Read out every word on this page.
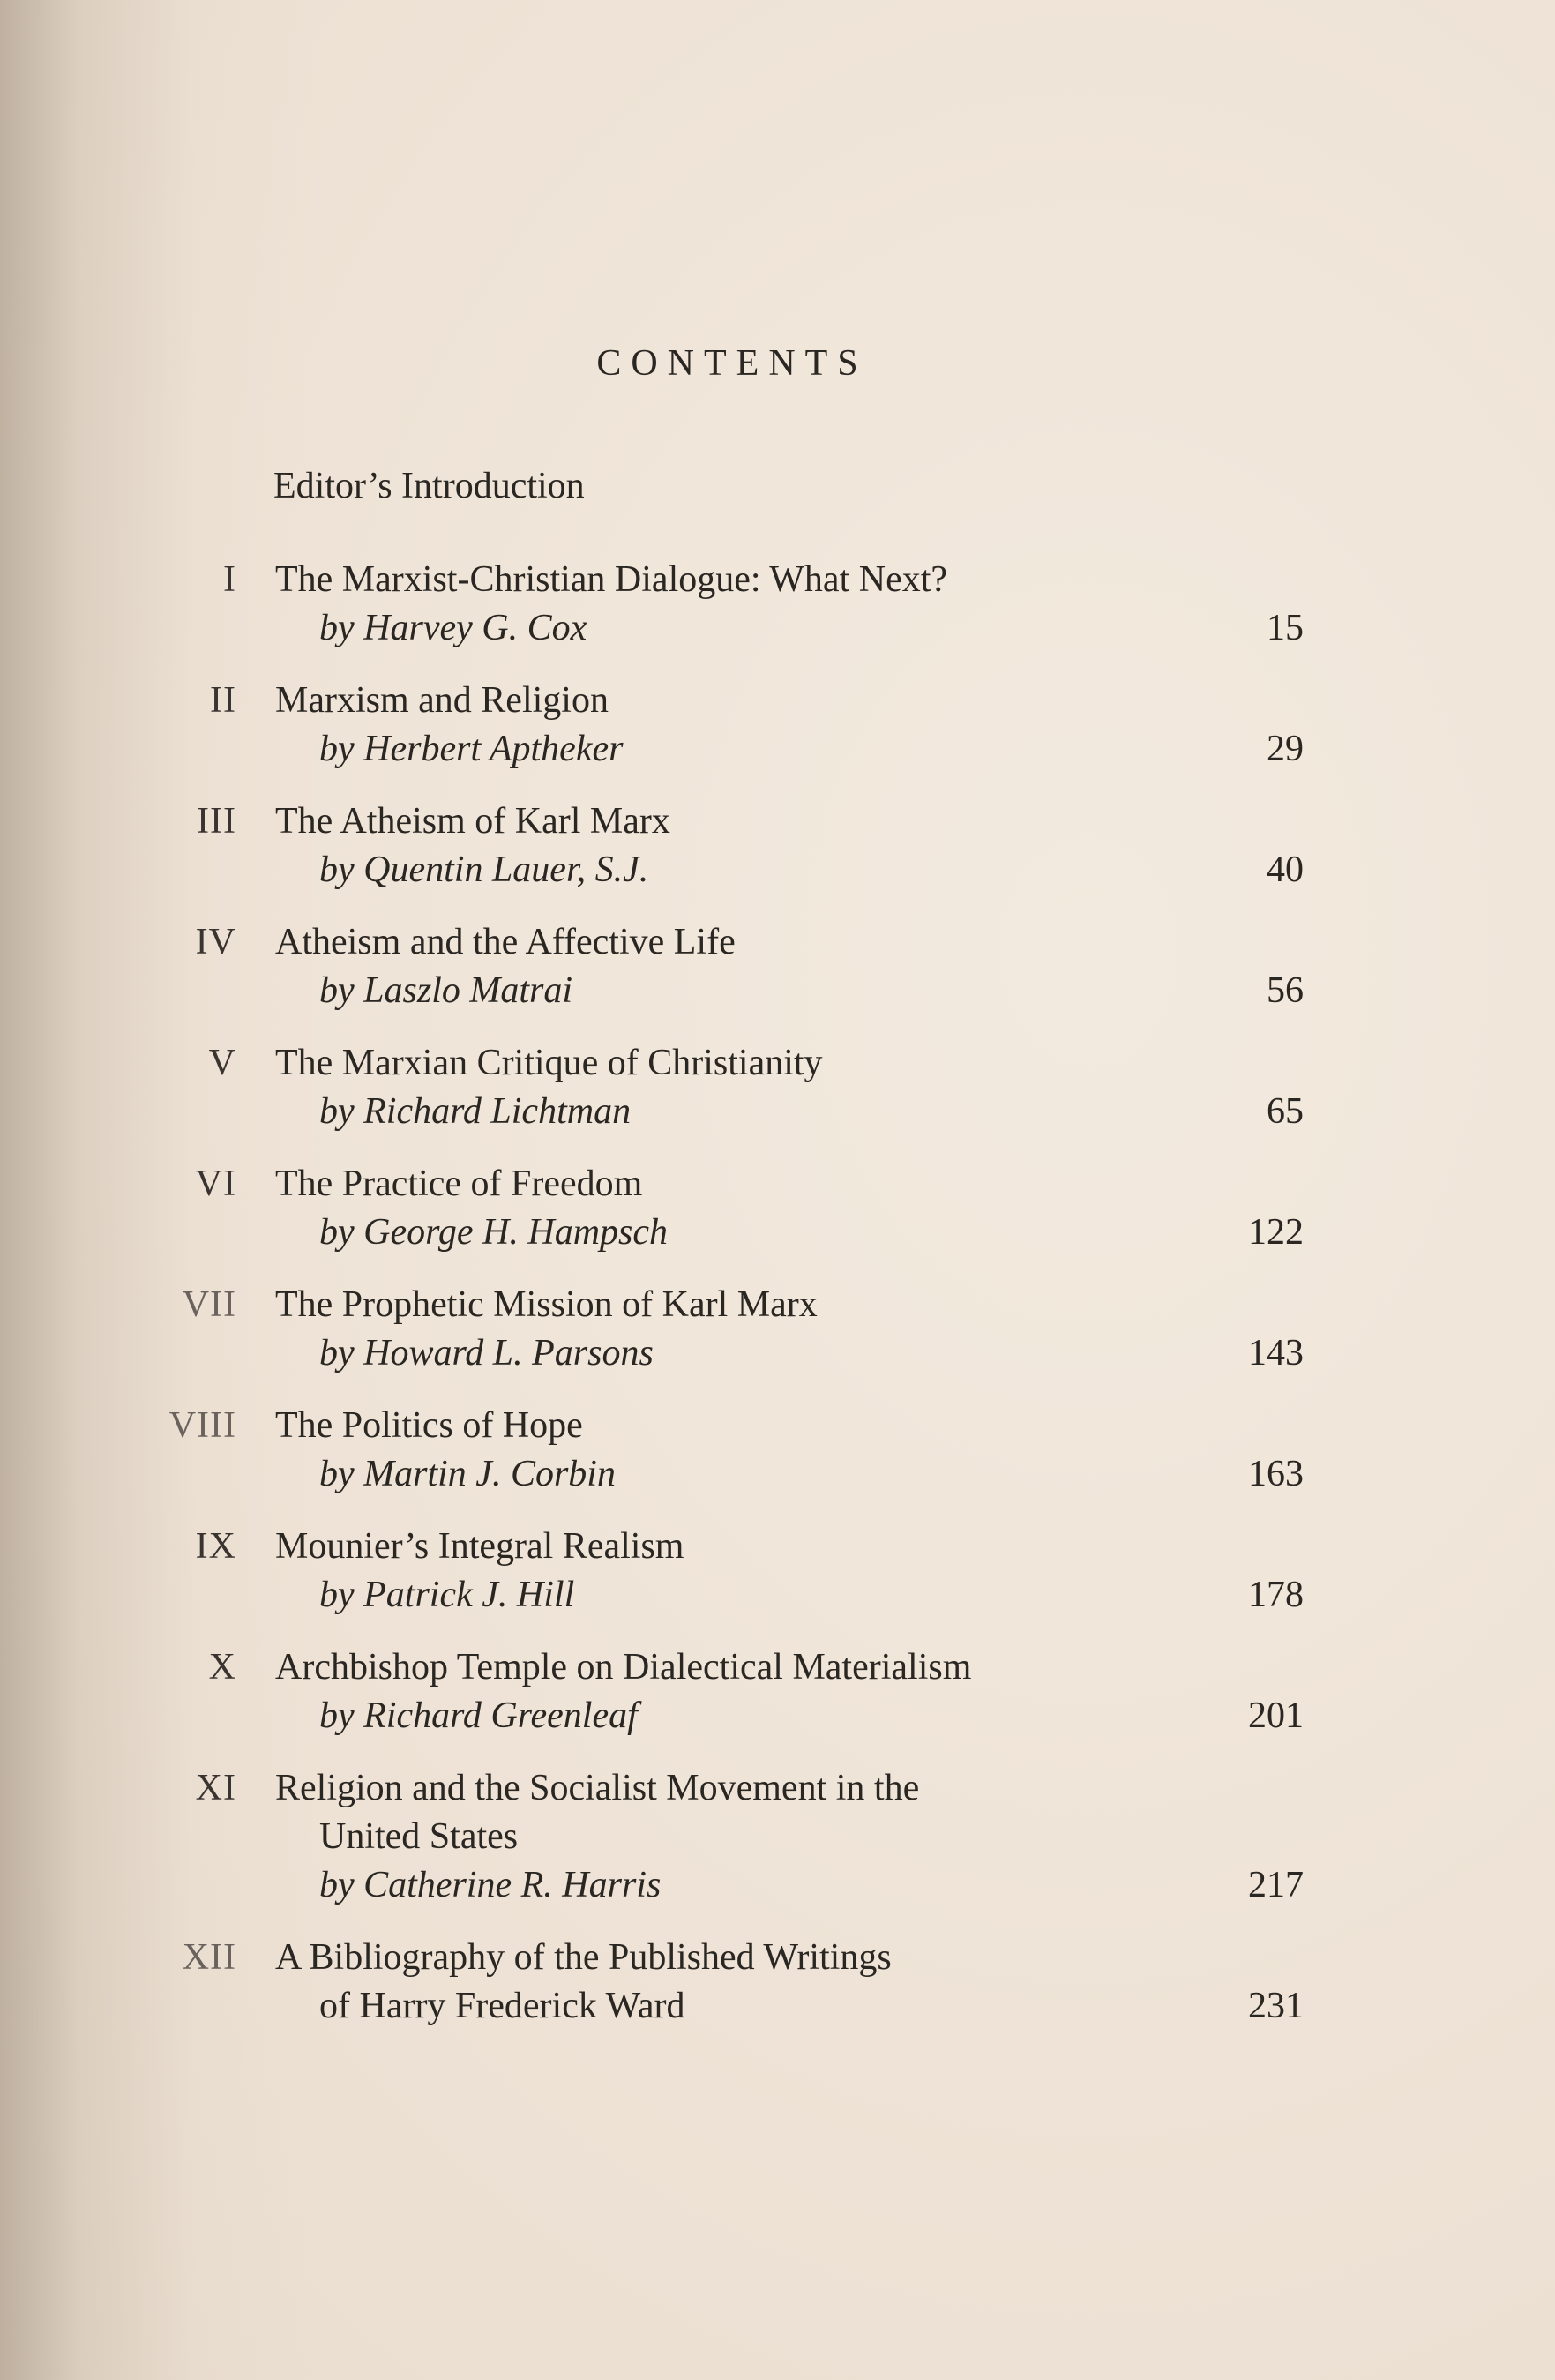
CONTENTS
Editor’s Introduction
I The Marxist-Christian Dialogue: What Next?
by Harvey G. Cox	15
II Marxism and Religion
by Herbert Aptheker	29
III The Atheism of Karl Marx
by Quentin Lauer, S.J.	40
IV Atheism and the Affective Life
by Laszlo Matrai	56
V The Marxian Critique of Christianity
by Richard Lichtman	65
VI The Practice of Freedom
by George H. Hampsch	122
VII The Prophetic Mission of Karl Marx
by Howard L. Parsons	143
VIII The Politics of Hope
by Martin J. Corbin	163
IX Mounier’s Integral Realism
by Patrick J. Hill	178
X Archbishop Temple on Dialectical Materialism
by Richard Greenleaf	201
XI Religion and the Socialist Movement in the
United States
by Catherine R. Harris	217
XII A Bibliography of the Published Writings
of Harry Frederick Ward	231
